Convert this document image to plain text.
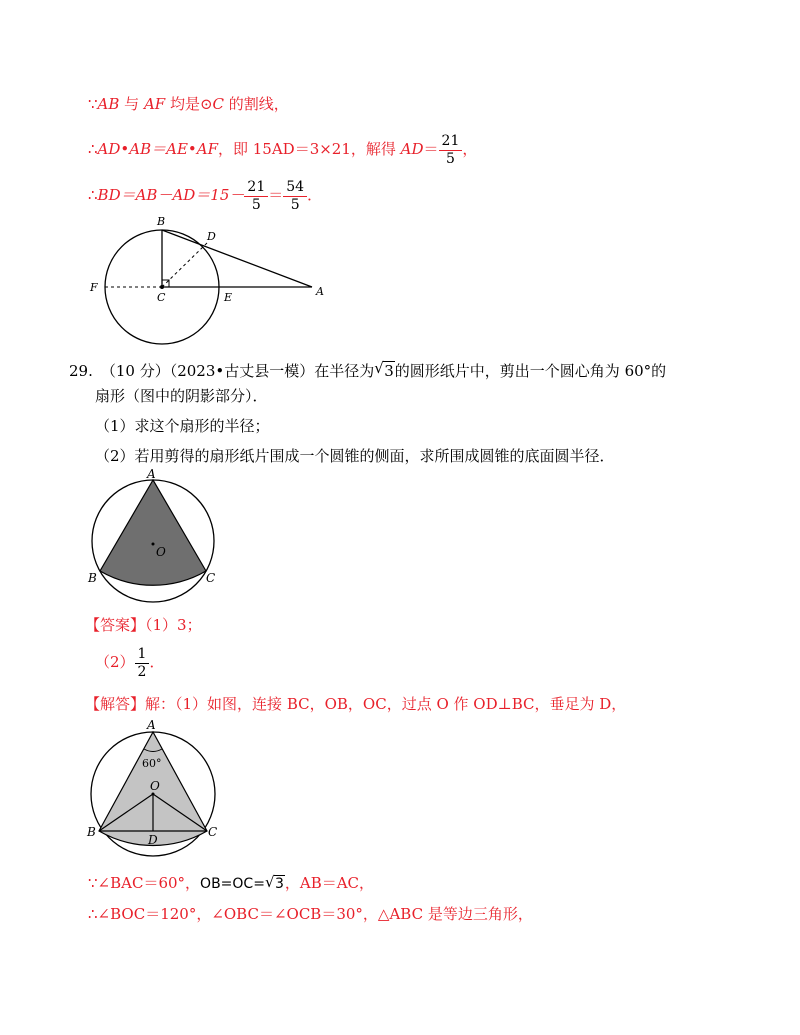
∵AB 与 AF 均是⊙C 的割线，
∴AD•AB＝AE•AF，即 15AD＝3×21，解得 $AD= \frac{21}{5}$ ，
∴BD＝AB－AD＝15－ $\frac{21}{5} = \frac{54}{5}$ ．
B
D
F
C	E	A
29. （10 分）（2023•古丈县一模）在半径为 √ 3的圆形纸片中，剪出一个圆心角为 60°的
扇形（图中的阴影部分）．
（1）求这个扇形的半径；
（2）若用剪得的扇形纸片围成一个圆锥的侧面，求所围成圆锥的底面圆半径．
A
O
B	C
【答案】（1）3；
$(2) \frac{1}{2}$ ．
【解答】解：（1）如图，连接 BC，OB，OC，过点 O 作 OD⊥BC，垂足为 D，
A
60°
O
B
D
C
∵∠BAC＝60°，OB=OC= √ 3，AB＝AC，
∴∠BOC＝120°，∠OBC＝∠OCB＝30°，△ABC 是等边三角形，
